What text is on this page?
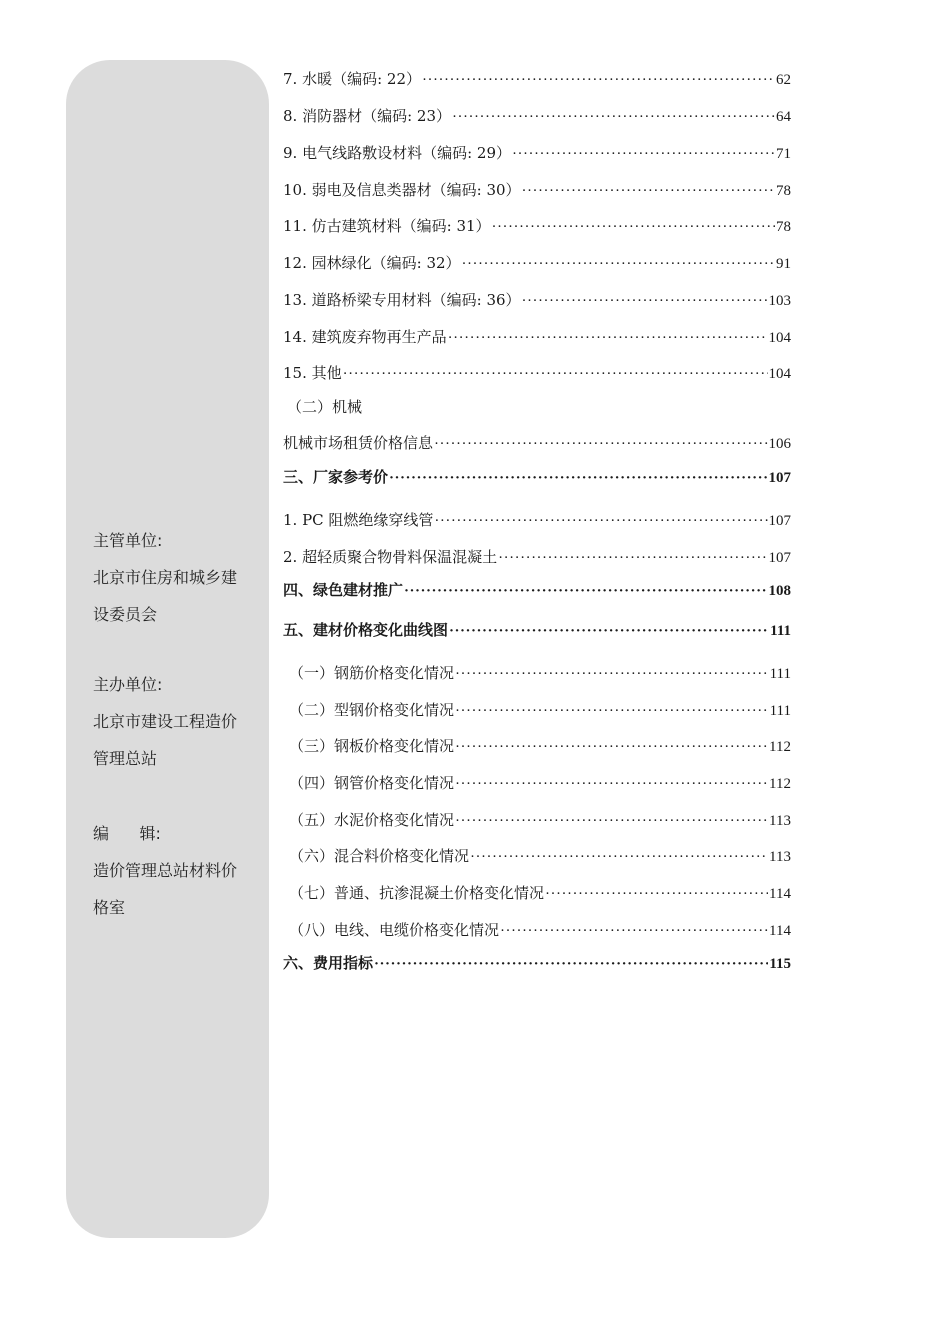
主管单位:
北京市住房和城乡建
设委员会
主办单位:
北京市建设工程造价
管理总站
编      辑:
造价管理总站材料价
格室
7. 水暖（编码: 22） ·····	62
8. 消防器材（编码: 23） ·····	64
9. 电气线路敷设材料（编码: 29） ·····	71
10. 弱电及信息类器材（编码: 30） ·····	78
11. 仿古建筑材料（编码: 31） ·····	78
12. 园林绿化（编码: 32） ·····	91
13. 道路桥梁专用材料（编码: 36） ·····	103
14. 建筑废弃物再生产品 ·····	104
15. 其他 ·····	104
（二）机械
机械市场租赁价格信息 ·····	106
三、厂家参考价 ·····	107
1. PC 阻燃绝缘穿线管 ·····	107
2. 超轻质聚合物骨料保温混凝土 ·····	107
四、绿色建材推广 ·····	108
五、建材价格变化曲线图 ·····	111
（一）钢筋价格变化情况 ·····	111
（二）型钢价格变化情况 ·····	111
（三）钢板价格变化情况 ·····	112
（四）钢管价格变化情况 ·····	112
（五）水泥价格变化情况 ·····	113
（六）混合料价格变化情况 ·····	113
（七）普通、抗渗混凝土价格变化情况 ·····	114
（八）电线、电缆价格变化情况 ·····	114
六、费用指标 ·····	115
